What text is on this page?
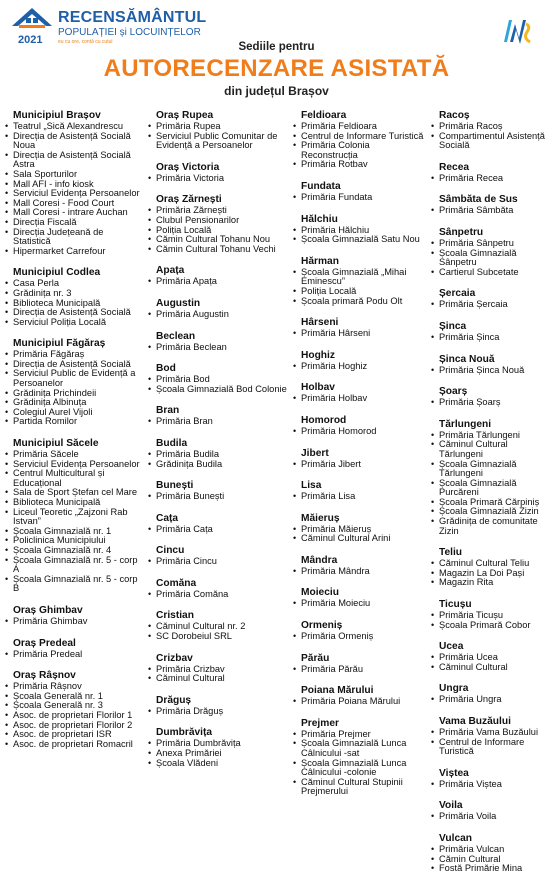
2021
RECENSĂMÂNTUL
POPULAȚIEI și LOCUINȚELOR
eu cu ore, contă cu cutul	Sediile pentru
AUTORECENZARE ASISTATĂ
din județul Brașov
Municipiul Brașov
• Teatrul „Sică Alexandrescu
• Direcția de Asistență Socială Noua
• Direcția de Asistență Socială Astra
• Sala Sporturilor
• Mall AFI - info kiosk
• Serviciul Evidența Persoanelor
• Mall Coresi - Food Court
• Mall Coresi - intrare Auchan
• Direcția Fiscală
• Direcția Județeană de Statistică
• Hipermarket Carrefour
Municipiul Codlea
• Casa Perla
• Grădinița nr. 3
• Biblioteca Municipală
• Direcția de Asistență Socială
• Serviciul Poliția Locală
Municipiul Făgăraș
• Primăria Făgăraș
• Direcția de Asistență Socială
• Serviciul Public de Evidență a Persoanelor
• Grădinița Prichindeii
• Grădinița Albinuța
• Colegiul Aurel Vijoli
• Partida Romilor
Municipiul Săcele
• Primăria Săcele
• Serviciul Evidența Persoanelor
• Centrul Multicultural și Educațional
• Sala de Sport Ștefan cel Mare
• Biblioteca Municipală
• Liceul Teoretic „Zajzoni Rab Istvan”
• Școala Gimnazială nr. 1
• Policlinica Municipiului
• Școala Gimnazială nr. 4
• Școala Gimnazială nr. 5 - corp A
• Școala Gimnazială nr. 5 - corp B
Oraș Ghimbav
• Primăria Ghimbav
Oraș Predeal
• Primăria Predeal
Oraș Râșnov
• Primăria Râșnov
• Școala Generală nr. 1
• Școala Generală nr. 3
• Asoc. de proprietari Florilor 1
• Asoc. de proprietari Florilor 2
• Asoc. de proprietari ISR
• Asoc. de proprietari Romacril
Oraș Rupea
• Primăria Rupea
• Serviciul Public Comunitar de Evidență a Persoanelor
Oraș Victoria
• Primăria Victoria
Oraș Zărnești
• Primăria Zărnești
• Clubul Pensionarilor
• Poliția Locală
• Cămin Cultural Tohanu Nou
• Cămin Cultural Tohanu Vechi
Apața
• Primăria Apața
Augustin
• Primăria Augustin
Beclean
• Primăria Beclean
Bod
• Primăria Bod
• Școala Gimnazială Bod Colonie
Bran
• Primăria Bran
Budila
• Primăria Budila
• Grădinița Budila
Bunești
• Primăria Bunești
Cața
• Primăria Cața
Cincu
• Primăria Cincu
Comăna
• Primăria Comăna
Cristian
• Căminul Cultural nr. 2
• SC Dorobeiul SRL
Crizbav
• Primăria Crizbav
• Căminul Cultural
Drăguș
• Primăria Drăguș
Dumbrăvița
• Primăria Dumbrăvița
• Anexa Primăriei
• Școala Vlădeni
Feldioara
• Primăria Feldioara
• Centrul de Informare Turistică
• Primăria Colonia Reconstrucția
• Primăria Rotbav
Fundata
• Primăria Fundata
Hălchiu
• Primăria Hălchiu
• Școala Gimnazială Satu Nou
Hărman
• Școala Gimnazială „Mihai Eminescu”
• Poliția Locală
• Școala primară Podu Olt
Hârseni
• Primăria Hârseni
Hoghiz
• Primăria Hoghiz
Holbav
• Primăria Holbav
Homorod
• Primăria Homorod
Jibert
• Primăria Jibert
Lisa
• Primăria Lisa
Măieruș
• Primăria Măieruș
• Căminul Cultural Arini
Mândra
• Primăria Mândra
Moieciu
• Primăria Moieciu
Ormeniș
• Primăria Ormeniș
Părău
• Primăria Părău
Poiana Mărului
• Primăria Poiana Mărului
Prejmer
• Primăria Prejmer
• Școala Gimnazială Lunca Câlnicului -sat
• Școala Gimnazială Lunca Câlnicului -colonie
• Căminul Cultural Stupinii Prejmerului
Racoș
• Primăria Racoș
• Compartimentul Asistență Socială
Recea
• Primăria Recea
Sâmbăta de Sus
• Primăria Sâmbăta
Sânpetru
• Primăria Sânpetru
• Școala Gimnazială Sânpetru
• Cartierul Subcetate
Șercaia
• Primăria Șercaia
Șinca
• Primăria Șinca
Șinca Nouă
• Primăria Șinca Nouă
Șoarș
• Primăria Șoarș
Tărlungeni
• Primăria Tărlungeni
• Căminul Cultural Tărlungeni
• Școala Gimnazială Tărlungeni
• Școala Gimnazială Purcăreni
• Școala Primară Cărpiniș
• Școala Gimnazială Zizin
• Grădinița de comunitate Zizin
Teliu
• Căminul Cultural Teliu
• Magazin La Doi Pași
• Magazin Rita
Ticușu
• Primăria Ticușu
• Școala Primară Cobor
Ucea
• Primăria Ucea
• Căminul Cultural
Ungra
• Primăria Ungra
Vama Buzăului
• Primăria Vama Buzăului
• Centrul de Informare Turistică
Viștea
• Primăria Viștea
Voila
• Primăria Voila
Vulcan
• Primăria Vulcan
• Cămin Cultural
• Fostă Primărie Mina
